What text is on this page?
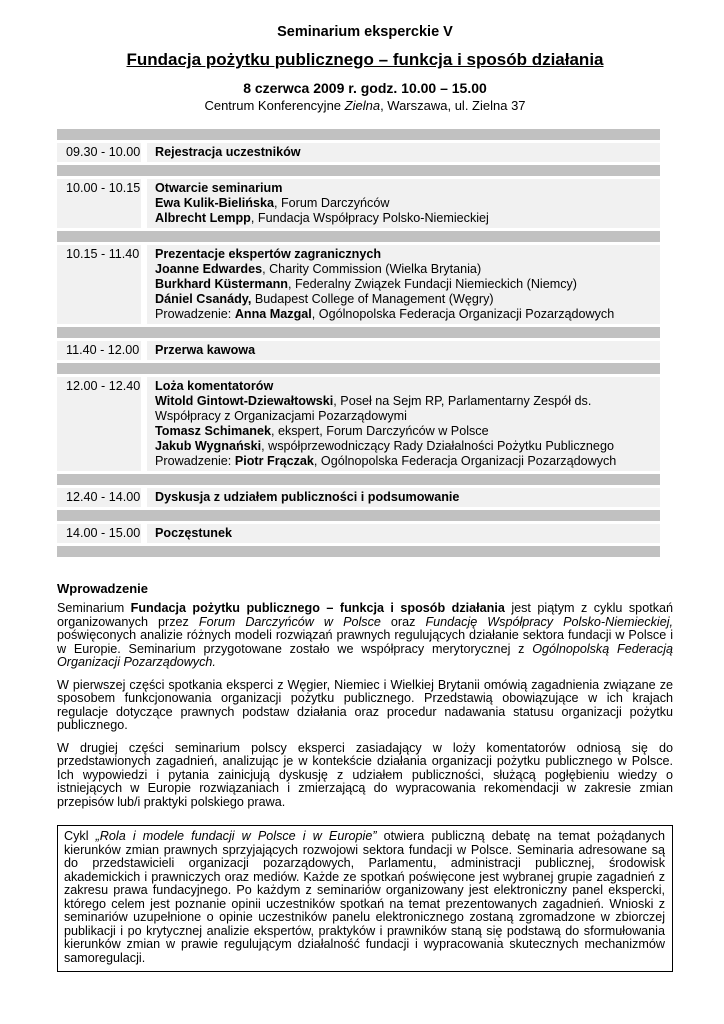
Seminarium eksperckie V
Fundacja pożytku publicznego – funkcja i sposób działania
8 czerwca 2009 r. godz. 10.00 – 15.00
Centrum Konferencyjne Zielna, Warszawa, ul. Zielna 37
09.30 - 10.00 Rejestracja uczestników
10.00 - 10.15 Otwarcie seminarium
Ewa Kulik-Bielińska, Forum Darczyńców
Albrecht Lempp, Fundacja Współpracy Polsko-Niemieckiej
10.15 - 11.40 Prezentacje ekspertów zagranicznych
Joanne Edwardes, Charity Commission (Wielka Brytania)
Burkhard Küstermann, Federalny Związek Fundacji Niemieckich (Niemcy)
Dániel Csanády, Budapest College of Management (Węgry)
Prowadzenie: Anna Mazgal, Ogólnopolska Federacja Organizacji Pozarządowych
11.40 - 12.00 Przerwa kawowa
12.00 - 12.40 Loża komentatorów
Witold Gintowt-Dziewałtowski, Poseł na Sejm RP, Parlamentarny Zespół ds. Współpracy z Organizacjami Pozarządowymi
Tomasz Schimanek, ekspert, Forum Darczyńców w Polsce
Jakub Wygnański, współprzewodniczący Rady Działalności Pożytku Publicznego
Prowadzenie: Piotr Frączak, Ogólnopolska Federacja Organizacji Pozarządowych
12.40 - 14.00 Dyskusja z udziałem publiczności i podsumowanie
14.00 - 15.00 Poczęstunek
Wprowadzenie

Seminarium Fundacja pożytku publicznego – funkcja i sposób działania jest piątym z cyklu spotkań organizowanych przez Forum Darczyńców w Polsce oraz Fundację Współpracy Polsko-Niemieckiej, poświęconych analizie różnych modeli rozwiązań prawnych regulujących działanie sektora fundacji w Polsce i w Europie. Seminarium przygotowane zostało we współpracy merytorycznej z Ogólnopolską Federacją Organizacji Pozarządowych.

W pierwszej części spotkania eksperci z Węgier, Niemiec i Wielkiej Brytanii omówią zagadnienia związane ze sposobem funkcjonowania organizacji pożytku publicznego. Przedstawią obowiązujące w ich krajach regulacje dotyczące prawnych podstaw działania oraz procedur nadawania statusu organizacji pożytku publicznego.

W drugiej części seminarium polscy eksperci zasiadający w loży komentatorów odniosą się do przedstawionych zagadnień, analizując je w kontekście działania organizacji pożytku publicznego w Polsce. Ich wypowiedzi i pytania zainicjują dyskusję z udziałem publiczności, służącą pogłębieniu wiedzy o istniejących w Europie rozwiązaniach i zmierzającą do wypracowania rekomendacji w zakresie zmian przepisów lub/i praktyki polskiego prawa.

Cykl „Rola i modele fundacji w Polsce i w Europie” otwiera publiczną debatę na temat pożądanych kierunków zmian prawnych sprzyjających rozwojowi sektora fundacji w Polsce. Seminaria adresowane są do przedstawicieli organizacji pozarządowych, Parlamentu, administracji publicznej, środowisk akademickich i prawniczych oraz mediów. Każde ze spotkań poświęcone jest wybranej grupie zagadnień z zakresu prawa fundacyjnego. Po każdym z seminariów organizowany jest elektroniczny panel ekspercki, którego celem jest poznanie opinii uczestników spotkań na temat prezentowanych zagadnień. Wnioski z seminariów uzupełnione o opinie uczestników panelu elektronicznego zostaną zgromadzone w zbiorczej publikacji i po krytycznej analizie ekspertów, praktyków i prawników staną się podstawą do sformułowania kierunków zmian w prawie regulującym działalność fundacji i wypracowania skutecznych mechanizmów samoregulacji.
